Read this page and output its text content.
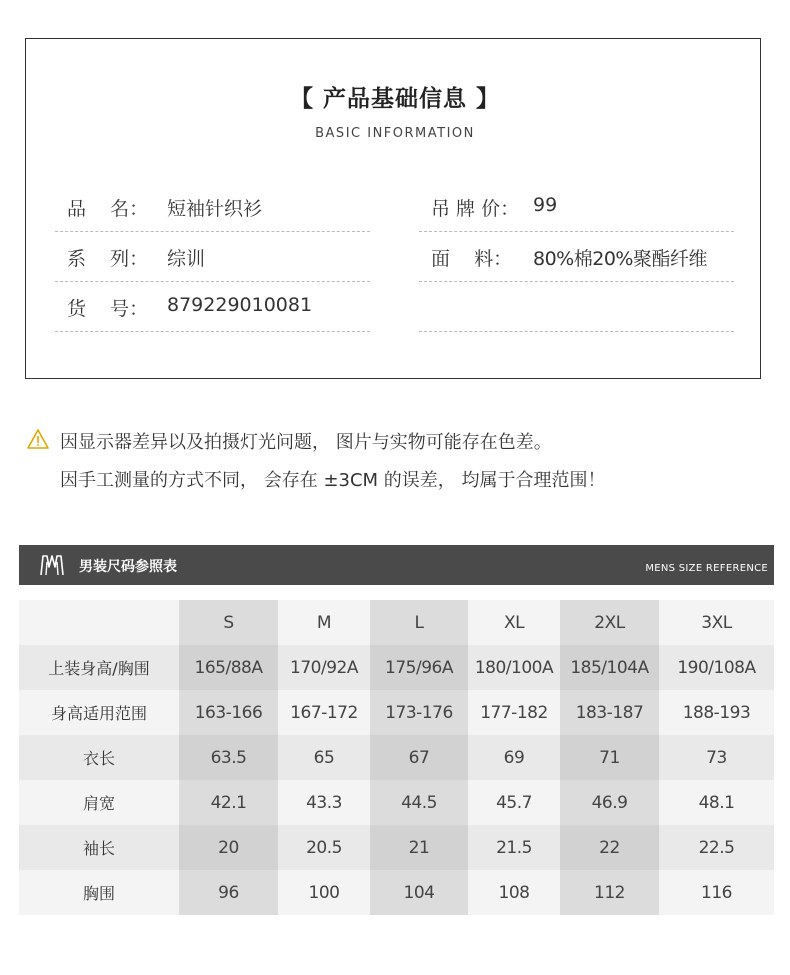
【 产品基础信息 】
BASIC INFORMATION
品    名： 短袖针织衫	吊 牌 价： 99
系    列： 综训	面    料： 80%棉20%聚酯纤维
货    号： 879229010081
因显示器差异以及拍摄灯光问题， 图片与实物可能存在色差。
因手工测量的方式不同， 会存在 ±3CM 的误差， 均属于合理范围！
男装尺码参照表	MENS SIZE REFERENCE
	S	M	L	XL	2XL	3XL
上装身高/胸围	165/88A	170/92A	175/96A	180/100A	185/104A	190/108A
身高适用范围	163-166	167-172	173-176	177-182	183-187	188-193
衣长	63.5	65	67	69	71	73
肩宽	42.1	43.3	44.5	45.7	46.9	48.1
袖长	20	20.5	21	21.5	22	22.5
胸围	96	100	104	108	112	116
